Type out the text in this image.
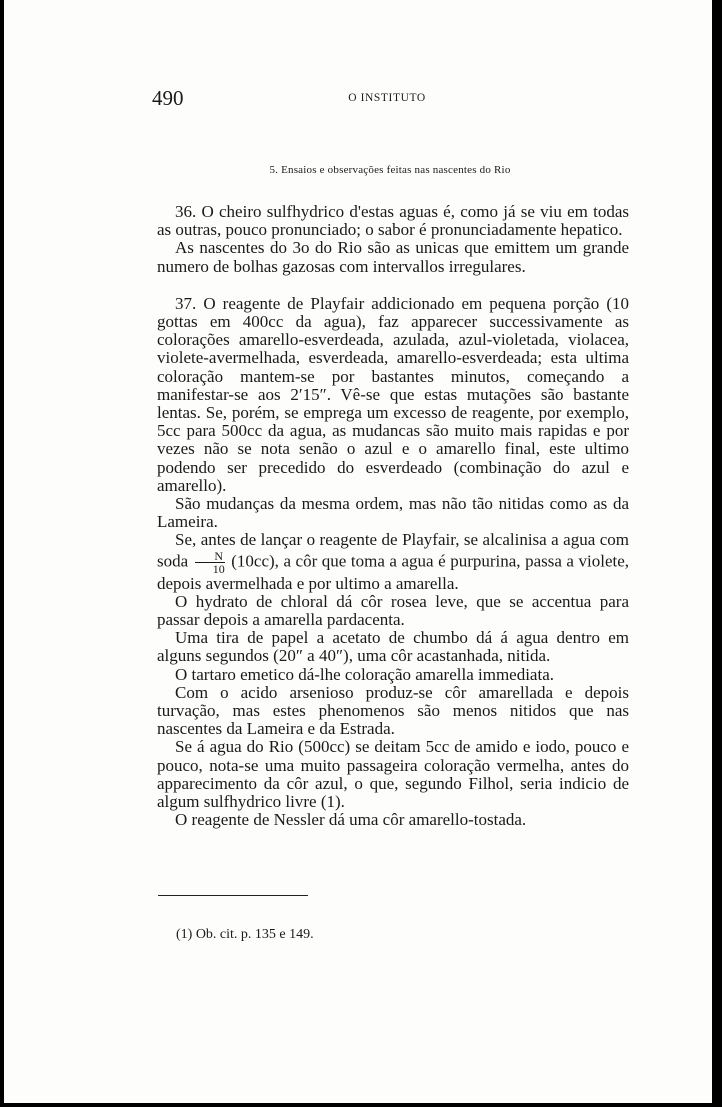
490	O INSTITUTO
5. Ensaios e observações feitas nas nascentes do Rio

36. O cheiro sulfhydrico d'estas aguas é, como já se viu em todas as outras, pouco pronunciado; o sabor é pronunciadamente hepatico.

As nascentes do 3o do Rio são as unicas que emittem um grande numero de bolhas gazosas com intervallos irregulares.

37. O reagente de Playfair addicionado em pequena porção (10 gottas em 400cc da agua), faz apparecer successivamente as colorações amarello-esverdeada, azulada, azul-violetada, violacea, violete-avermelhada, esverdeada, amarello-esverdeada; esta ultima coloração mantem-se por bastantes minutos, começando a manifestar-se aos 2′15″. Vê-se que estas mutações são bastante lentas. Se, porém, se emprega um excesso de reagente, por exemplo, 5cc para 500cc da agua, as mudancas são muito mais rapidas e por vezes não se nota senão o azul e o amarello final, este ultimo podendo ser precedido do esverdeado (combinação do azul e amarello).

São mudanças da mesma ordem, mas não tão nitidas como as da Lameira.

Se, antes de lançar o reagente de Playfair, se alcalinisa a agua com soda $\frac{N}{10} (10cc)$, a côr que toma a agua é purpurina, passa a violete, depois avermelhada e por ultimo a amarella.

O hydrato de chloral dá côr rosea leve, que se accentua para passar depois a amarella pardacenta.

Uma tira de papel a acetato de chumbo dá á agua dentro em alguns segundos (20″ a 40″), uma côr acastanhada, nitida.

O tartaro emetico dá-lhe coloração amarella immediata.

Com o acido arsenioso produz-se côr amarellada e depois turvação, mas estes phenomenos são menos nitidos que nas nascentes da Lameira e da Estrada.

Se á agua do Rio (500cc) se deitam 5cc de amido e iodo, pouco e pouco, nota-se uma muito passageira coloração vermelha, antes do apparecimento da côr azul, o que, segundo Filhol, seria indicio de algum sulfhydrico livre (1).

O reagente de Nessler dá uma côr amarello-tostada.

(1) Ob. cit. p. 135 e 149.
